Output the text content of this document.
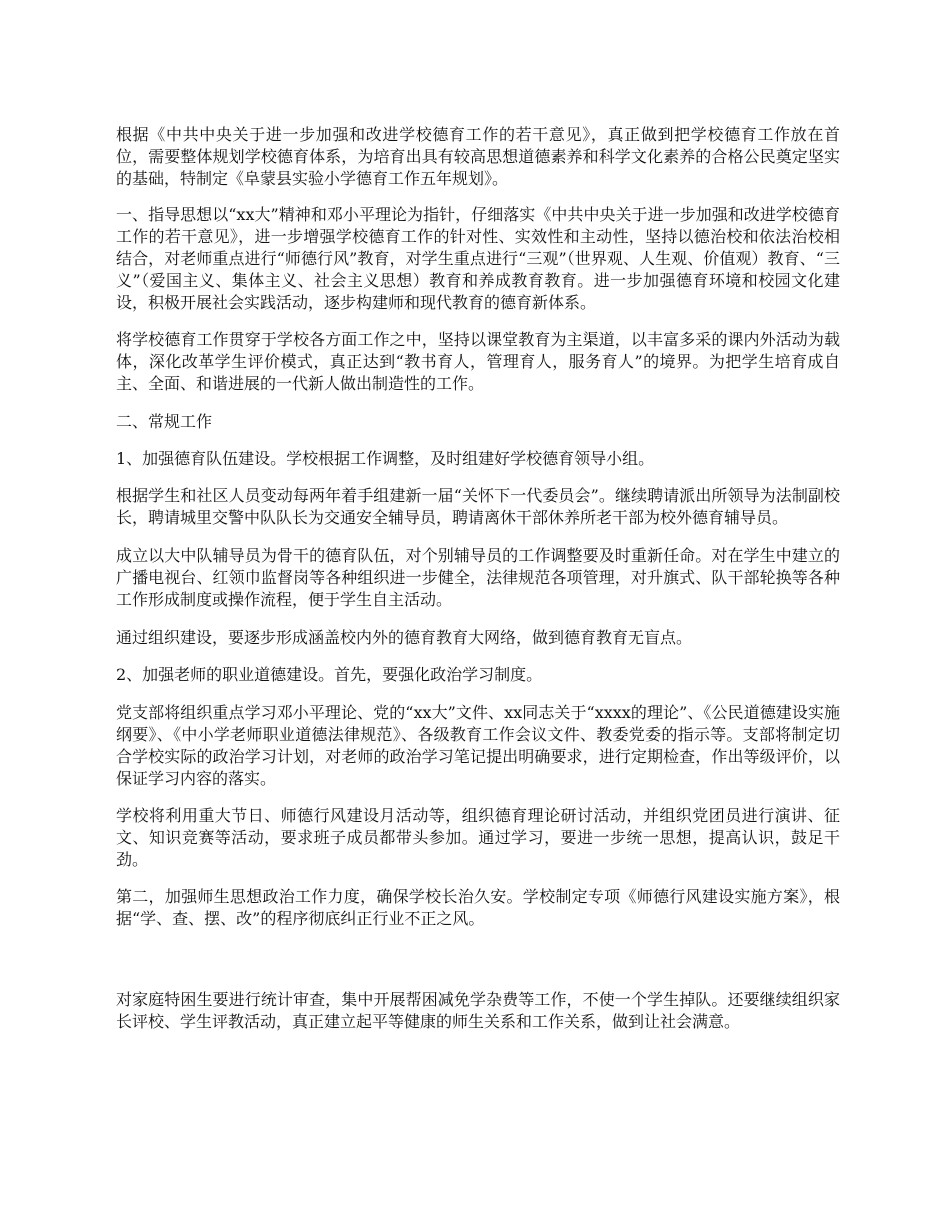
根据《中共中央关于进一步加强和改进学校德育工作的若干意见》，真正做到把学校德育工作放在首位，需要整体规划学校德育体系，为培育出具有较高思想道德素养和科学文化素养的合格公民奠定坚实的基础，特制定《阜蒙县实验小学德育工作五年规划》。

一、指导思想以“xx大”精神和邓小平理论为指针，仔细落实《中共中央关于进一步加强和改进学校德育工作的若干意见》，进一步增强学校德育工作的针对性、实效性和主动性，坚持以德治校和依法治校相结合，对老师重点进行“师德行风”教育，对学生重点进行“三观”（世界观、人生观、价值观）教育、“三义”（爱国主义、集体主义、社会主义思想）教育和养成教育教育。进一步加强德育环境和校园文化建设，积极开展社会实践活动，逐步构建师和现代教育的德育新体系。

将学校德育工作贯穿于学校各方面工作之中，坚持以课堂教育为主渠道，以丰富多采的课内外活动为载体，深化改革学生评价模式，真正达到“教书育人，管理育人，服务育人”的境界。为把学生培育成自主、全面、和谐进展的一代新人做出制造性的工作。

二、常规工作

1、加强德育队伍建设。学校根据工作调整，及时组建好学校德育领导小组。

根据学生和社区人员变动每两年着手组建新一届“关怀下一代委员会”。继续聘请派出所领导为法制副校长，聘请城里交警中队队长为交通安全辅导员，聘请离休干部休养所老干部为校外德育辅导员。

成立以大中队辅导员为骨干的德育队伍，对个别辅导员的工作调整要及时重新任命。对在学生中建立的广播电视台、红领巾监督岗等各种组织进一步健全，法律规范各项管理，对升旗式、队干部轮换等各种工作形成制度或操作流程，便于学生自主活动。

通过组织建设，要逐步形成涵盖校内外的德育教育大网络，做到德育教育无盲点。

2、加强老师的职业道德建设。首先，要强化政治学习制度。

党支部将组织重点学习邓小平理论、党的“xx大”文件、xx同志关于“xxxx的理论”、《公民道德建设实施纲要》、《中小学老师职业道德法律规范》、各级教育工作会议文件、教委党委的指示等。支部将制定切合学校实际的政治学习计划，对老师的政治学习笔记提出明确要求，进行定期检查，作出等级评价，以保证学习内容的落实。

学校将利用重大节日、师德行风建设月活动等，组织德育理论研讨活动，并组织党团员进行演讲、征文、知识竞赛等活动，要求班子成员都带头参加。通过学习，要进一步统一思想，提高认识，鼓足干劲。

第二，加强师生思想政治工作力度，确保学校长治久安。学校制定专项《师德行风建设实施方案》，根据“学、查、摆、改”的程序彻底纠正行业不正之风。

对家庭特困生要进行统计审查，集中开展帮困减免学杂费等工作，不使一个学生掉队。还要继续组织家长评校、学生评教活动，真正建立起平等健康的师生关系和工作关系，做到让社会满意。
